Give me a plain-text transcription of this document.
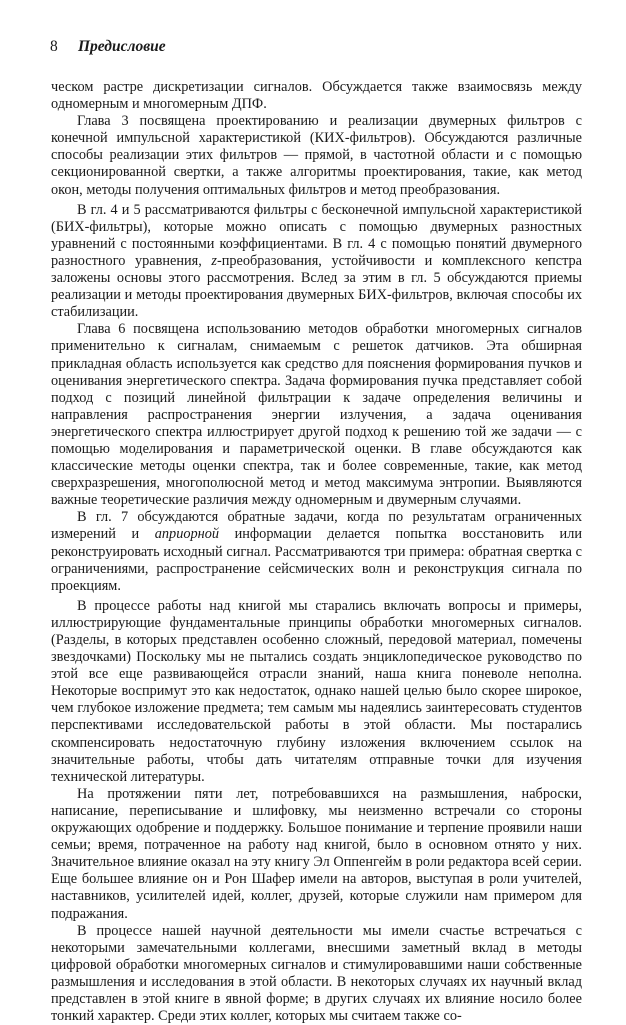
8 Предисловие

ческом растре дискретизации сигналов. Обсуждается также взаимосвязь между одномерным и многомерным ДПФ.

Глава 3 посвящена проектированию и реализации двумерных фильтров с конечной импульсной характеристикой (КИХ-фильтров). Обсуждаются различные способы реализации этих фильтров — прямой, в частотной области и с помощью секционированной свертки, а также алгоритмы проектирования, такие, как метод окон, методы получения оптимальных фильтров и метод преобразования.

В гл. 4 и 5 рассматриваются фильтры с бесконечной импульсной характеристикой (БИХ-фильтры), которые можно описать с помощью двумерных разностных уравнений с постоянными коэффициентами. В гл. 4 с помощью понятий двумерного разностного уравнения, z-преобразования, устойчивости и комплексного кепстра заложены основы этого рассмотрения. Вслед за этим в гл. 5 обсуждаются приемы реализации и методы проектирования двумерных БИХ-фильтров, включая способы их стабилизации.

Глава 6 посвящена использованию методов обработки многомерных сигналов применительно к сигналам, снимаемым с решеток датчиков. Эта обширная прикладная область используется как средство для пояснения формирования пучков и оценивания энергетического спектра. Задача формирования пучка представляет собой подход с позиций линейной фильтрации к задаче определения величины и направления распространения энергии излучения, а задача оценивания энергетического спектра иллюстрирует другой подход к решению той же задачи — с помощью моделирования и параметрической оценки. В главе обсуждаются как классические методы оценки спектра, так и более современные, такие, как метод сверхразрешения, многополюсной метод и метод максимума энтропии. Выявляются важные теоретические различия между одномерным и двумерным случаями.

В гл. 7 обсуждаются обратные задачи, когда по результатам ограниченных измерений и априорной информации делается попытка восстановить или реконструировать исходный сигнал. Рассматриваются три примера: обратная свертка с ограничениями, распространение сейсмических волн и реконструкция сигнала по проекциям.

В процессе работы над книгой мы старались включать вопросы и примеры, иллюстрирующие фундаментальные принципы обработки многомерных сигналов. (Разделы, в которых представлен особенно сложный, передовой материал, помечены звездочками) Поскольку мы не пытались создать энциклопедическое руководство по этой все еще развивающейся отрасли знаний, наша книга поневоле неполна. Некоторые воспримут это как недостаток, однако нашей целью было скорее широкое, чем глубокое изложение предмета; тем самым мы надеялись заинтересовать студентов перспективами исследовательской работы в этой области. Мы постарались скомпенсировать недостаточную глубину изложения включением ссылок на значительные работы, чтобы дать читателям отправные точки для изучения технической литературы.

На протяжении пяти лет, потребовавшихся на размышления, наброски, написание, переписывание и шлифовку, мы неизменно встречали со стороны окружающих одобрение и поддержку. Большое понимание и терпение проявили наши семьи; время, потраченное на работу над книгой, было в основном отнято у них. Значительное влияние оказал на эту книгу Эл Оппенгейм в роли редактора всей серии. Еще большее влияние он и Рон Шафер имели на авторов, выступая в роли учителей, наставников, усилителей идей, коллег, друзей, которые служили нам примером для подражания.

В процессе нашей научной деятельности мы имели счастье встречаться с некоторыми замечательными коллегами, внесшими заметный вклад в методы цифровой обработки многомерных сигналов и стимулировавшими наши собственные размышления и исследования в этой области. В некоторых случаях их научный вклад представлен в этой книге в явной форме; в других случаях их влияние носило более тонкий характер. Среди этих коллег, которых мы считаем также со-
